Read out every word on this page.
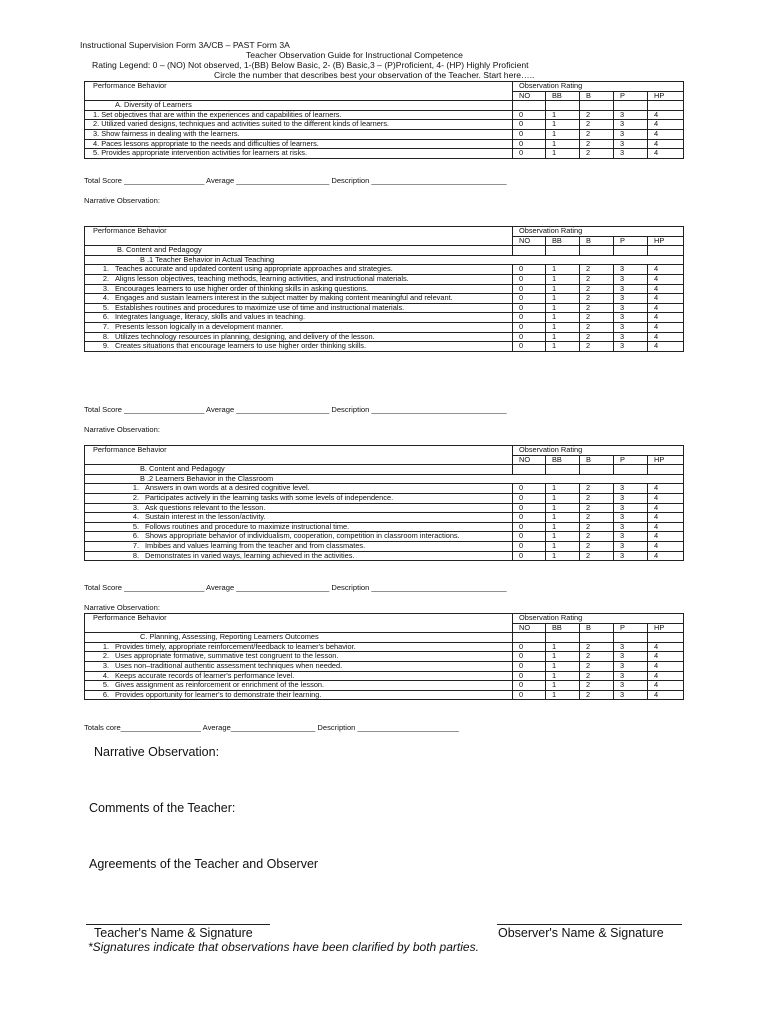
Instructional Supervision Form 3A/CB – PAST Form 3A
Teacher Observation Guide for Instructional Competence
Rating Legend: 0 – (NO) Not observed, 1-(BB) Below Basic, 2- (B) Basic,3 – (P)Proficient, 4- (HP) Highly Proficient
Circle the number that describes best your observation of the Teacher. Start here…..
Performance Behavior	Observation Rating				
	NO	BB	B	P	HP
A. Diversity of Learners					
1. Set objectives that are within the experiences and capabilities of learners.	0	1	2	3	4
2. Utilized varied designs, techniques and activities suited to the different kinds of learners.	0	1	2	3	4
3. Show fairness in dealing with the learners.	0	1	2	3	4
4. Paces lessons appropriate to the needs and difficulties of learners.	0	1	2	3	4
5. Provides appropriate intervention activities for learners at risks.	0	1	2	3	4
Total Score ___________________ Average ______________________ Description ________________________________
Narrative Observation:
Performance Behavior	Observation Rating				
	NO	BB	B	P	HP
B. Content and Pedagogy					
B .1 Teacher Behavior in Actual Teaching					

1. Teaches accurate and updated content using appropriate approaches and strategies.	0	1	2	3	4

2. Aligns lesson objectives, teaching methods, learning activities, and instructional materials.	0	1	2	3	4

3. Encourages learners to use higher order of thinking skills in asking questions.	0	1	2	3	4

4. Engages and sustain learners interest in the subject matter by making content meaningful and relevant.	0	1	2	3	4

5. Establishes routines and procedures to maximize use of time and instructional materials.	0	1	2	3	4

6. Integrates language, literacy, skills and values in teaching.	0	1	2	3	4

7. Presents lesson logically in a development manner.	0	1	2	3	4

8. Utilizes technology resources in planning, designing, and delivery of the lesson.	0	1	2	3	4

9. Creates situations that encourage learners to use higher order thinking skills.	0	1	2	3	4
Total Score ___________________ Average ______________________ Description ________________________________
Narrative Observation:
Performance Behavior	Observation Rating				
	NO	BB	B	P	HP
B. Content and Pedagogy					
B .2 Learners Behavior in the Classroom					

1. Answers in own words at a desired cognitive level.	0	1	2	3	4

2. Participates actively in the learning tasks with some levels of independence.	0	1	2	3	4

3. Ask questions relevant to the lesson.	0	1	2	3	4

4. Sustain interest in the lesson/activity.	0	1	2	3	4

5. Follows routines and procedure to maximize instructional time.	0	1	2	3	4

6. Shows appropriate behavior of individualism, cooperation, competition in classroom interactions.	0	1	2	3	4

7. Imbibes and values learning from the teacher and from classmates.	0	1	2	3	4

8. Demonstrates in varied ways, learning achieved in the activities.	0	1	2	3	4
Total Score ___________________ Average ______________________ Description ________________________________
Narrative Observation:
Performance Behavior	Observation Rating				
	NO	BB	B	P	HP
C. Planning, Assessing, Reporting Learners Outcomes					

1. Provides timely, appropriate reinforcement/feedback to learner's behavior.	0	1	2	3	4

2. Uses appropriate formative, summative test congruent to the lesson.	0	1	2	3	4

3. Uses non–traditional authentic assessment techniques when needed.	0	1	2	3	4

4. Keeps accurate records of learner's performance level.	0	1	2	3	4

5. Gives assignment as reinforcement or enrichment of the lesson.	0	1	2	3	4

6. Provides opportunity for learner's to demonstrate their learning.	0	1	2	3	4
Totals core___________________ Average____________________ Description ________________________
Narrative Observation:
Comments of the Teacher:
Agreements of the Teacher and Observer
Teacher's Name & Signature	Observer's Name & Signature
*Signatures indicate that observations have been clarified by both parties.
